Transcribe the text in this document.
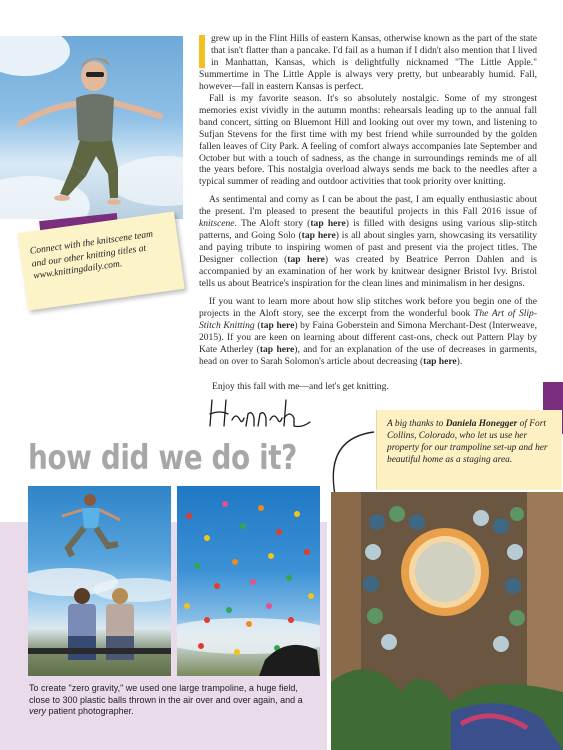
Connect with the knitscene team and our other knitting titles at www.knittingdaily.com.

grew up in the Flint Hills of eastern Kansas, otherwise known as the part of the state that isn't flatter than a pancake. I'd fail as a human if I didn't also mention that I lived in Manhattan, Kansas, which is delightfully nicknamed "The Little Apple." Summertime in The Little Apple is always very pretty, but unbearably humid. Fall, however—fall in eastern Kansas is perfect.

Fall is my favorite season. It's so absolutely nostalgic. Some of my strongest memories exist vividly in the autumn months: rehearsals leading up to the annual fall band concert, sitting on Bluemont Hill and looking out over my town, and listening to Sufjan Stevens for the first time with my best friend while surrounded by the golden fallen leaves of City Park. A feeling of comfort always accompanies late September and October but with a touch of sadness, as the change in surroundings reminds me of all the years before. This nostalgia overload always sends me back to the needles after a typical summer of reading and outdoor activities that took priority over knitting.

As sentimental and corny as I can be about the past, I am equally enthusiastic about the present. I'm pleased to present the beautiful projects in this Fall 2016 issue of knitscene. The Aloft story (tap here) is filled with designs using various slip-stitch patterns, and Going Solo (tap here) is all about singles yarn, showcasing its versatility and paying tribute to inspiring women of past and present via the project titles. The Designer collection (tap here) was created by Beatrice Perron Dahlen and is accompanied by an examination of her work by knitwear designer Bristol Ivy. Bristol tells us about Beatrice's inspiration for the clean lines and minimalism in her designs.

If you want to learn more about how slip stitches work before you begin one of the projects in the Aloft story, see the excerpt from the wonderful book The Art of Slip-Stitch Knitting (tap here) by Faina Goberstein and Simona Merchant-Dest (Interweave, 2015). If you are keen on learning about different cast-ons, check out Pattern Play by Kate Atherley (tap here), and for an explanation of the use of decreases in garments, head on over to Sarah Solomon's article about decreasing (tap here).

Enjoy this fall with me—and let's get knitting.
A big thanks to Daniela Honegger of Fort Collins, Colorado, who let us use her property for our trampoline set-up and her beautiful home as a staging area.
how did we do it?
To create "zero gravity," we used one large trampoline, a huge field, close to 300 plastic balls thrown in the air over and over again, and a very patient photographer.
